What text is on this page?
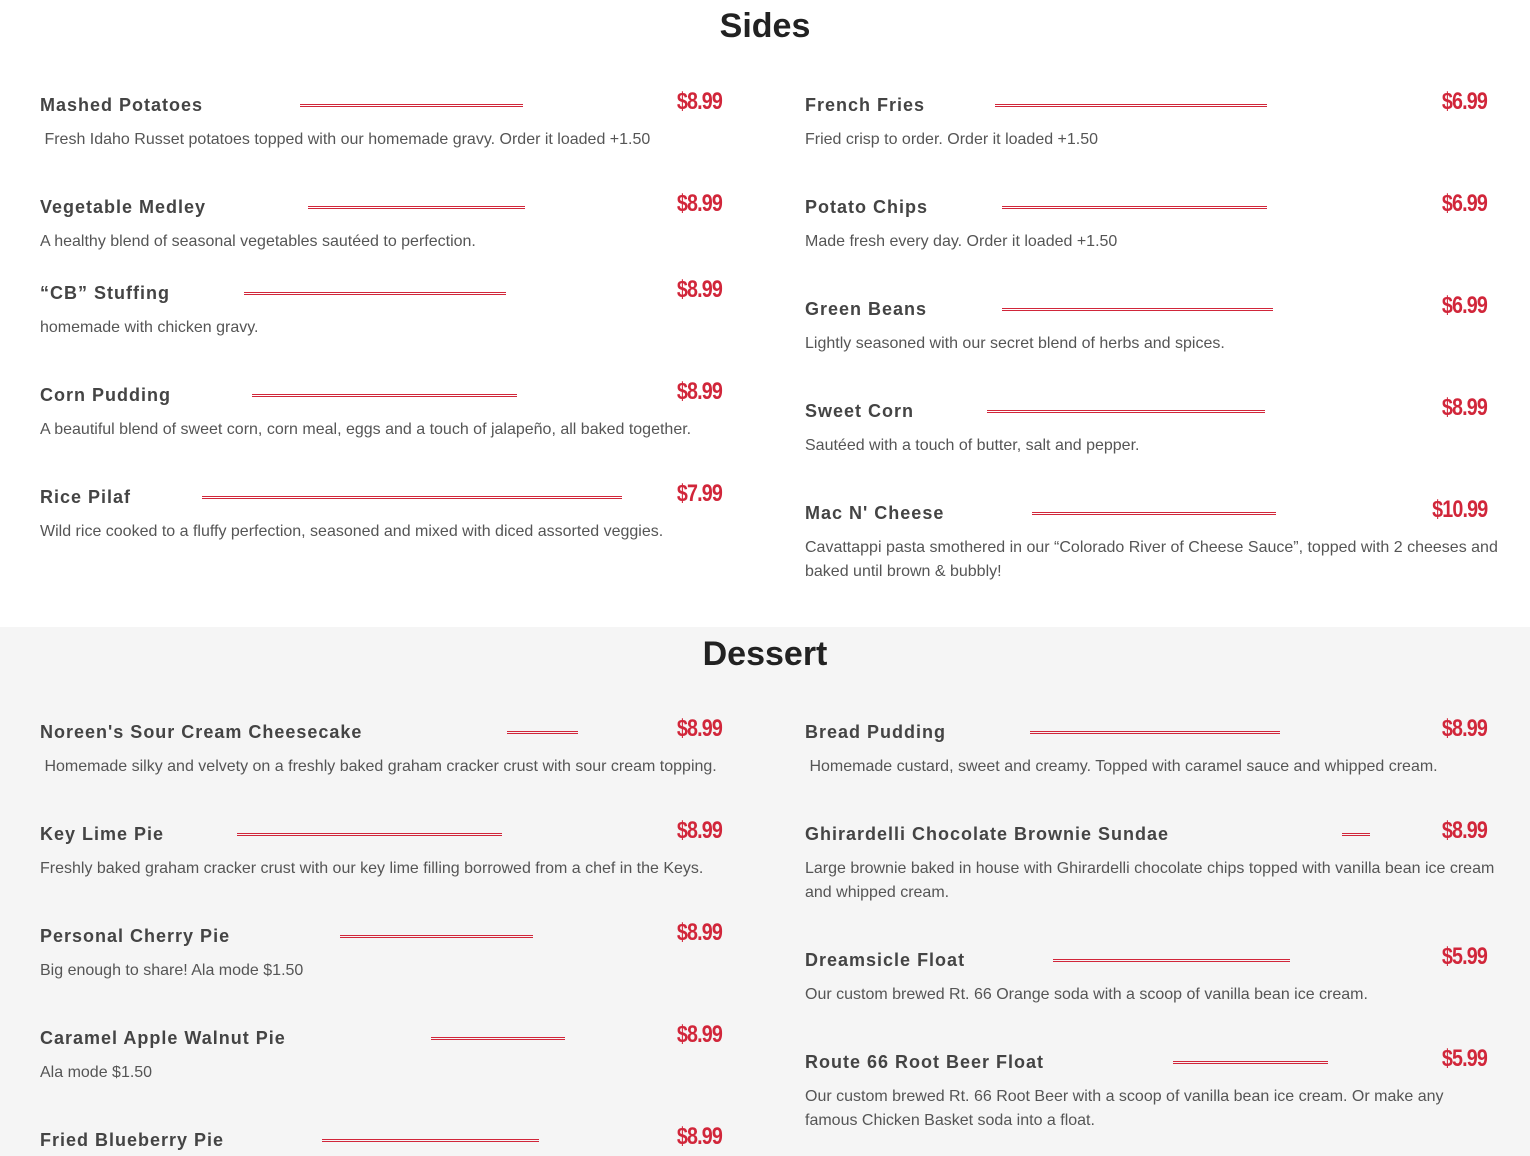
Sides
Mashed Potatoes	$8.99
Fresh Idaho Russet potatoes topped with our homemade gravy. Order it loaded +1.50
Vegetable Medley	$8.99
A healthy blend of seasonal vegetables sautéed to perfection.
“CB” Stuffing	$8.99
homemade with chicken gravy.
Corn Pudding	$8.99
A beautiful blend of sweet corn, corn meal, eggs and a touch of jalapeño, all baked together.
Rice Pilaf	$7.99
Wild rice cooked to a fluffy perfection, seasoned and mixed with diced assorted veggies.
French Fries	$6.99
Fried crisp to order. Order it loaded +1.50
Potato Chips	$6.99
Made fresh every day. Order it loaded +1.50
Green Beans	$6.99
Lightly seasoned with our secret blend of herbs and spices.
Sweet Corn	$8.99
Sautéed with a touch of butter, salt and pepper.
Mac N' Cheese	$10.99
Cavattappi pasta smothered in our “Colorado River of Cheese Sauce”, topped with 2 cheeses and baked until brown & bubbly!
Dessert
Noreen's Sour Cream Cheesecake	$8.99
Homemade silky and velvety on a freshly baked graham cracker crust with sour cream topping.
Key Lime Pie	$8.99
Freshly baked graham cracker crust with our key lime filling borrowed from a chef in the Keys.
Personal Cherry Pie	$8.99
Big enough to share! Ala mode $1.50
Caramel Apple Walnut Pie	$8.99
Ala mode $1.50
Fried Blueberry Pie	$8.99
Bread Pudding	$8.99
Homemade custard, sweet and creamy. Topped with caramel sauce and whipped cream.
Ghirardelli Chocolate Brownie Sundae	$8.99
Large brownie baked in house with Ghirardelli chocolate chips topped with vanilla bean ice cream and whipped cream.
Dreamsicle Float	$5.99
Our custom brewed Rt. 66 Orange soda with a scoop of vanilla bean ice cream.
Route 66 Root Beer Float	$5.99
Our custom brewed Rt. 66 Root Beer with a scoop of vanilla bean ice cream. Or make any famous Chicken Basket soda into a float.
